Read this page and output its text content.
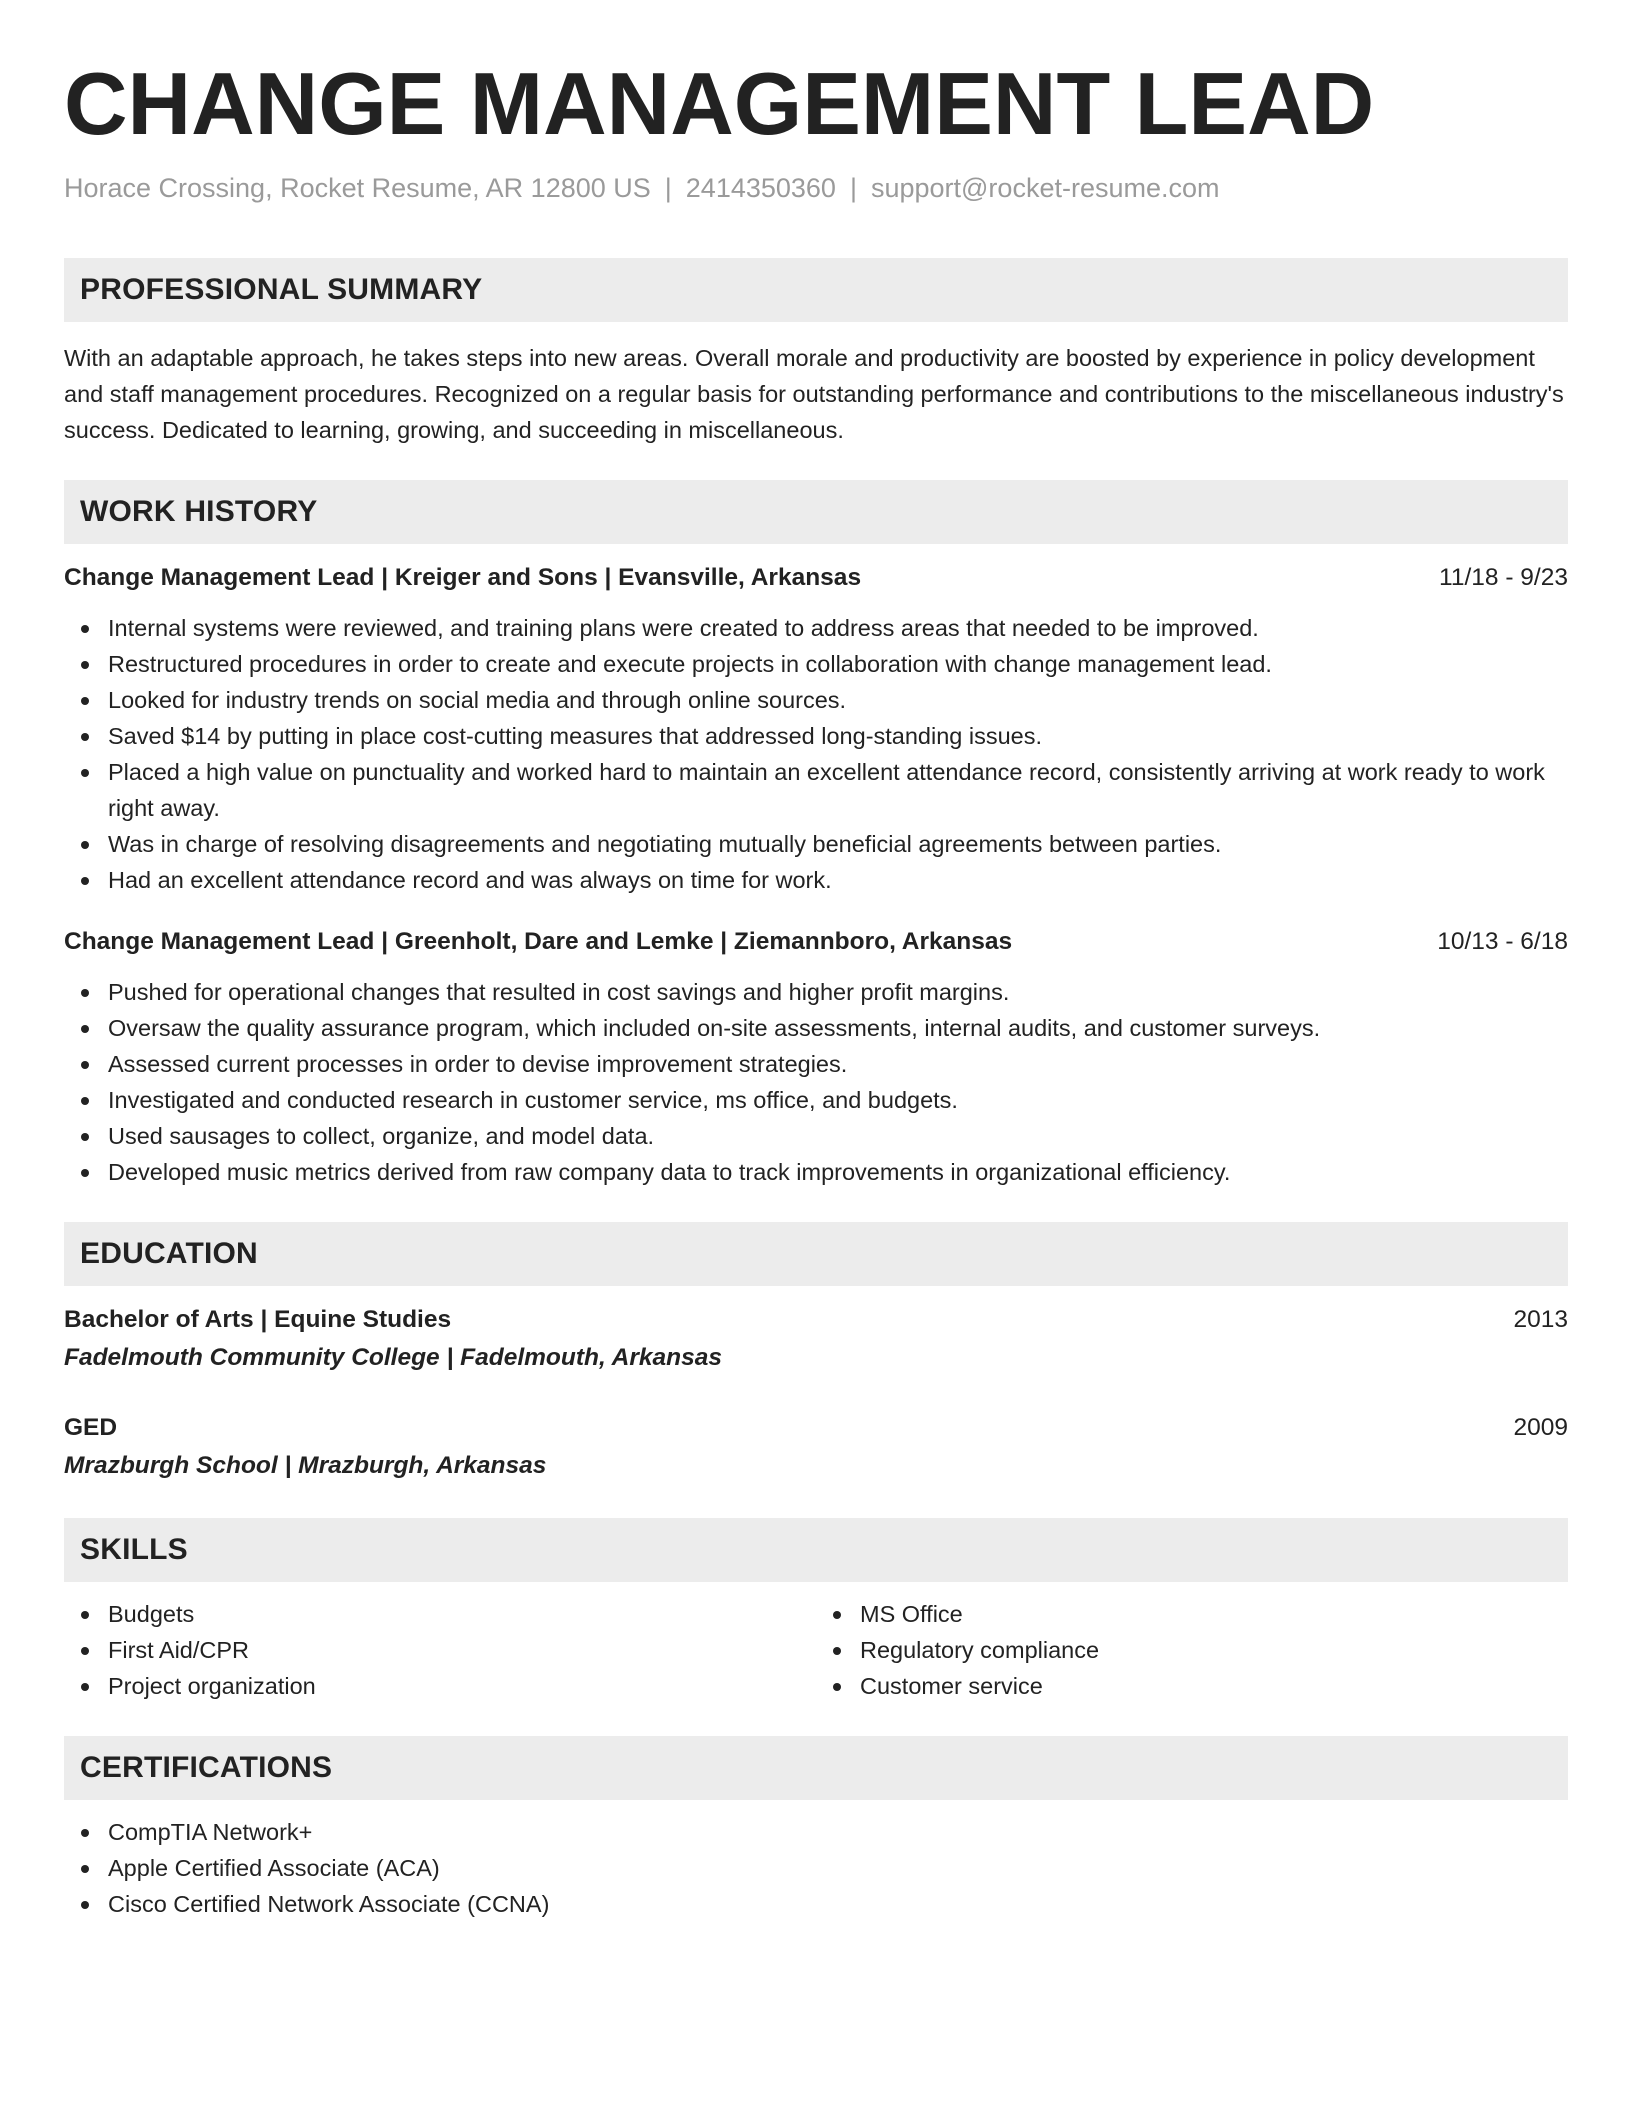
CHANGE MANAGEMENT LEAD
Horace Crossing, Rocket Resume, AR 12800 US | 2414350360 | support@rocket-resume.com
PROFESSIONAL SUMMARY

With an adaptable approach, he takes steps into new areas. Overall morale and productivity are boosted by experience in policy development and staff management procedures. Recognized on a regular basis for outstanding performance and contributions to the miscellaneous industry's success. Dedicated to learning, growing, and succeeding in miscellaneous.

WORK HISTORY
Change Management Lead | Kreiger and Sons | Evansville, Arkansas	11/18 - 9/23
Internal systems were reviewed, and training plans were created to address areas that needed to be improved.
Restructured procedures in order to create and execute projects in collaboration with change management lead.
Looked for industry trends on social media and through online sources.
Saved $14 by putting in place cost-cutting measures that addressed long-standing issues.
Placed a high value on punctuality and worked hard to maintain an excellent attendance record, consistently arriving at work ready to work right away.
Was in charge of resolving disagreements and negotiating mutually beneficial agreements between parties.
Had an excellent attendance record and was always on time for work.
Change Management Lead | Greenholt, Dare and Lemke | Ziemannboro, Arkansas	10/13 - 6/18
Pushed for operational changes that resulted in cost savings and higher profit margins.
Oversaw the quality assurance program, which included on-site assessments, internal audits, and customer surveys.
Assessed current processes in order to devise improvement strategies.
Investigated and conducted research in customer service, ms office, and budgets.
Used sausages to collect, organize, and model data.
Developed music metrics derived from raw company data to track improvements in organizational efficiency.
EDUCATION
Bachelor of Arts | Equine Studies	2013
Fadelmouth Community College | Fadelmouth, Arkansas
GED	2009
Mrazburgh School | Mrazburgh, Arkansas
SKILLS
Budgets
First Aid/CPR
Project organization
MS Office
Regulatory compliance
Customer service
CERTIFICATIONS
CompTIA Network+
Apple Certified Associate (ACA)
Cisco Certified Network Associate (CCNA)
